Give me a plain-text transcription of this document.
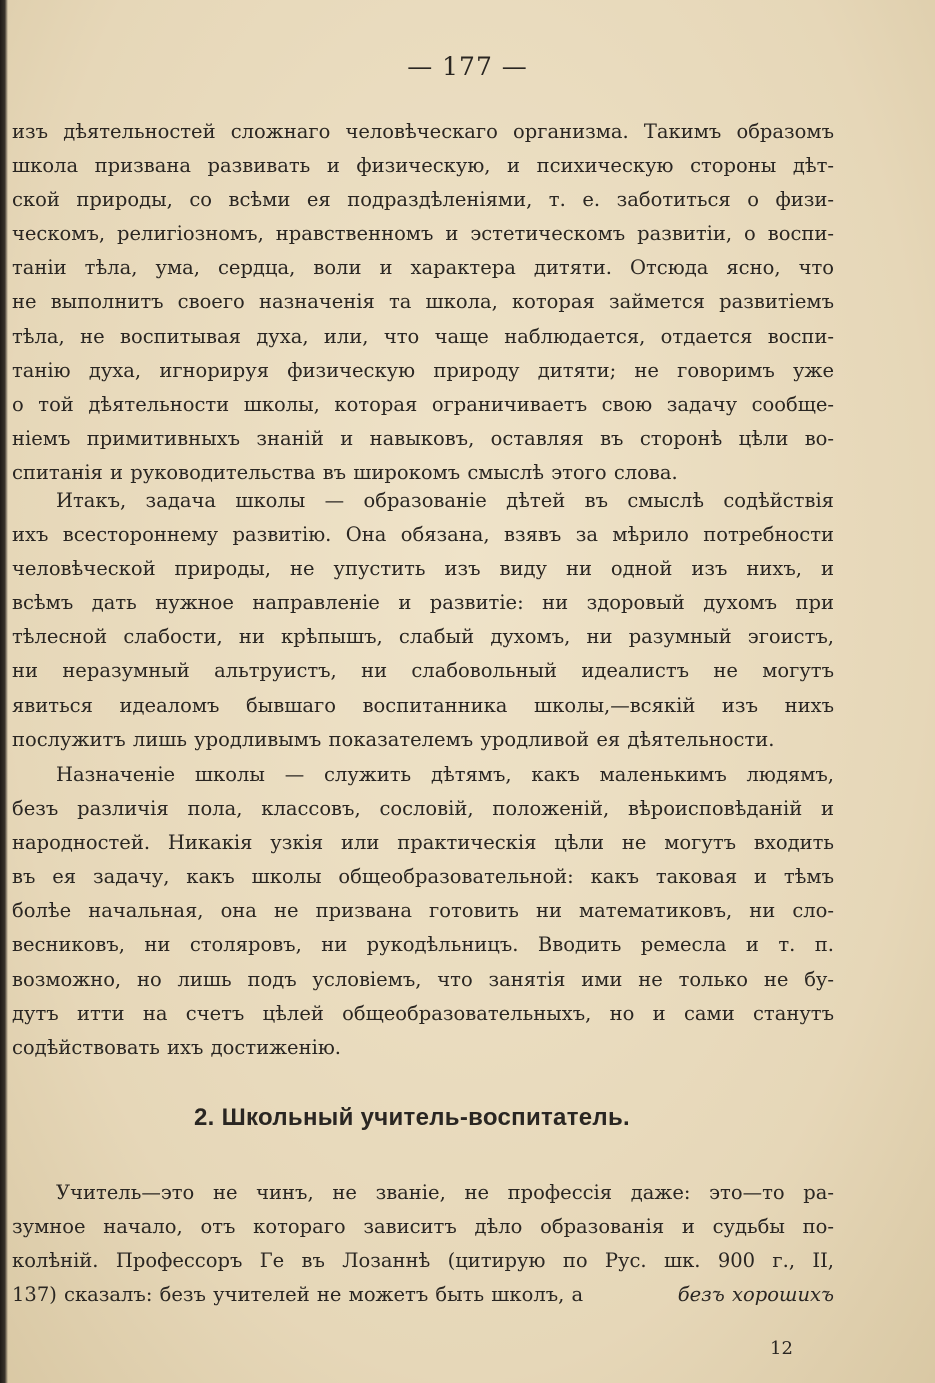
— 177 —
изъ дѣятельностей сложнаго человѣческаго организма. Такимъ образомъ
школа призвана развивать и физическую, и психическую стороны дѣт-
ской природы, со всѣми ея подраздѣленіями, т. е. заботиться о физи-
ческомъ, религіозномъ, нравственномъ и эстетическомъ развитіи, о воспи-
таніи тѣла, ума, сердца, воли и характера дитяти. Отсюда ясно, что
не выполнитъ своего назначенія та школа, которая займется развитіемъ
тѣла, не воспитывая духа, или, что чаще наблюдается, отдается воспи-
танію духа, игнорируя физическую природу дитяти; не говоримъ уже
о той дѣятельности школы, которая ограничиваетъ свою задачу сообще-
ніемъ примитивныхъ знаній и навыковъ, оставляя въ сторонѣ цѣли во-
спитанія и руководительства въ широкомъ смыслѣ этого слова.
Итакъ, задача школы — образованіе дѣтей въ смыслѣ содѣйствія
ихъ всестороннему развитію. Она обязана, взявъ за мѣрило потребности
человѣческой природы, не упустить изъ виду ни одной изъ нихъ, и
всѣмъ дать нужное направленіе и развитіе: ни здоровый духомъ при
тѣлесной слабости, ни крѣпышъ, слабый духомъ, ни разумный эгоистъ,
ни неразумный альтруистъ, ни слабовольный идеалистъ не могутъ
явиться идеаломъ бывшаго воспитанника школы,—всякій изъ нихъ
послужитъ лишь уродливымъ показателемъ уродливой ея дѣятельности.
Назначеніе школы — служить дѣтямъ, какъ маленькимъ людямъ,
безъ различія пола, классовъ, сословій, положеній, вѣроисповѣданій и
народностей. Никакія узкія или практическія цѣли не могутъ входить
въ ея задачу, какъ школы общеобразовательной: какъ таковая и тѣмъ
болѣе начальная, она не призвана готовить ни математиковъ, ни сло-
весниковъ, ни столяровъ, ни рукодѣльницъ. Вводить ремесла и т. п.
возможно, но лишь подъ условіемъ, что занятія ими не только не бу-
дутъ итти на счетъ цѣлей общеобразовательныхъ, но и сами станутъ
содѣйствовать ихъ достиженію.
2. Школьный учитель-воспитатель.
Учитель—это не чинъ, не званіе, не профессія даже: это—то ра-
зумное начало, отъ котораго зависитъ дѣло образованія и судьбы по-
колѣній. Профессоръ Ге въ Лозаннѣ (цитирую по Рус. шк. 900 г., II,
137) сказалъ: безъ учителей не можетъ быть школъ, а	безъ хорошихъ
12
